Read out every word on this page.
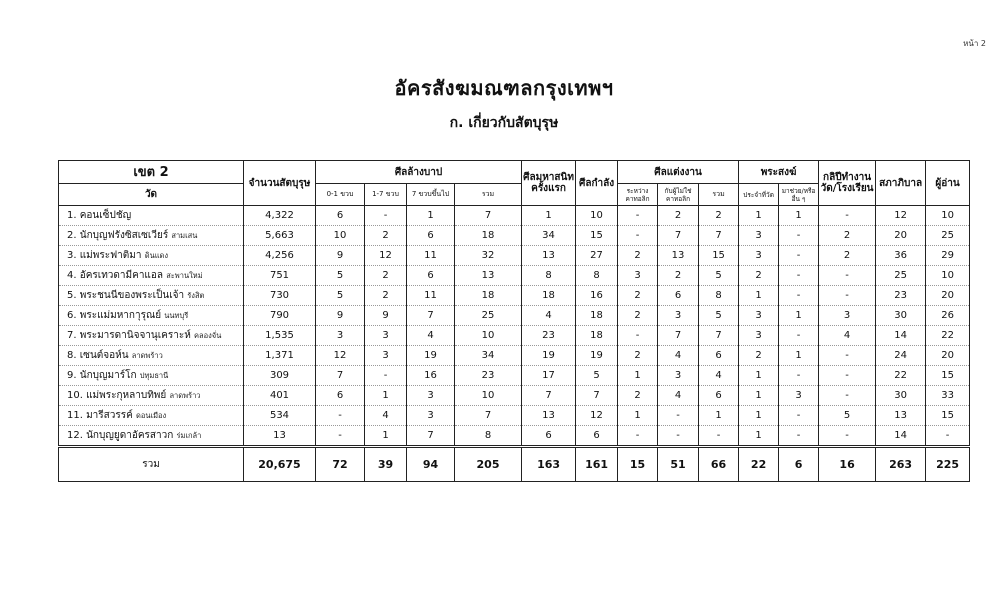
หน้า 2
อัครสังฆมณฑลกรุงเทพฯ
ก. เกี่ยวกับสัตบุรุษ
เขต 2	จำนวนสัตบุรุษ	ศีลล้างบาป				ศีลมหาสนิทครั้งแรก	ศีลกำลัง	ศีลแต่งงาน			พระสงฆ์		กลิปีทำงานวัด/โรงเรียน	สภาภิบาล	ผู้อ่าน
วัด		0-1 ขวบ	1-7 ขวบ	7 ขวบขึ้นไป	รวม			ระหว่างคาทอลิก	กับผู้ไม่ใช่คาทอลิก	รวม	ประจำที่วัด	มาช่วย/หรืออื่น ๆ			
1. คอนเซ็ปชัญ	4,322	6	-	1	7	1	10	-	2	2	1	1	-	12	10
2. นักบุญฟรังซิสเซเวียร์ สามเสน	5,663	10	2	6	18	34	15	-	7	7	3	-	2	20	25
3. แม่พระฟาติมา ดินแดง	4,256	9	12	11	32	13	27	2	13	15	3	-	2	36	29
4. อัครเทวดามีคาแอล สะพานใหม่	751	5	2	6	13	8	8	3	2	5	2	-	-	25	10
5. พระชนนีของพระเป็นเจ้า รังสิต	730	5	2	11	18	18	16	2	6	8	1	-	-	23	20
6. พระแม่มหากาุรุณย์ นนทบุรี	790	9	9	7	25	4	18	2	3	5	3	1	3	30	26
7. พระมารดานิจจานุเคราะห์ คลองจั่น	1,535	3	3	4	10	23	18	-	7	7	3	-	4	14	22
8. เซนต์จอห์น ลาดพร้าว	1,371	12	3	19	34	19	19	2	4	6	2	1	-	24	20
9. นักบุญมาร์โก ปทุมธานี	309	7	-	16	23	17	5	1	3	4	1	-	-	22	15
10. แม่พระกุหลาบทิพย์ ลาดพร้าว	401	6	1	3	10	7	7	2	4	6	1	3	-	30	33
11. มารีสวรรค์ ดอนเมือง	534	-	4	3	7	13	12	1	-	1	1	-	5	13	15
12. นักบุญยูดาอัครสาวก ร่มเกล้า	13	-	1	7	8	6	6	-	-	-	1	-	-	14	-
รวม	20,675	72	39	94	205	163	161	15	51	66	22	6	16	263	225
